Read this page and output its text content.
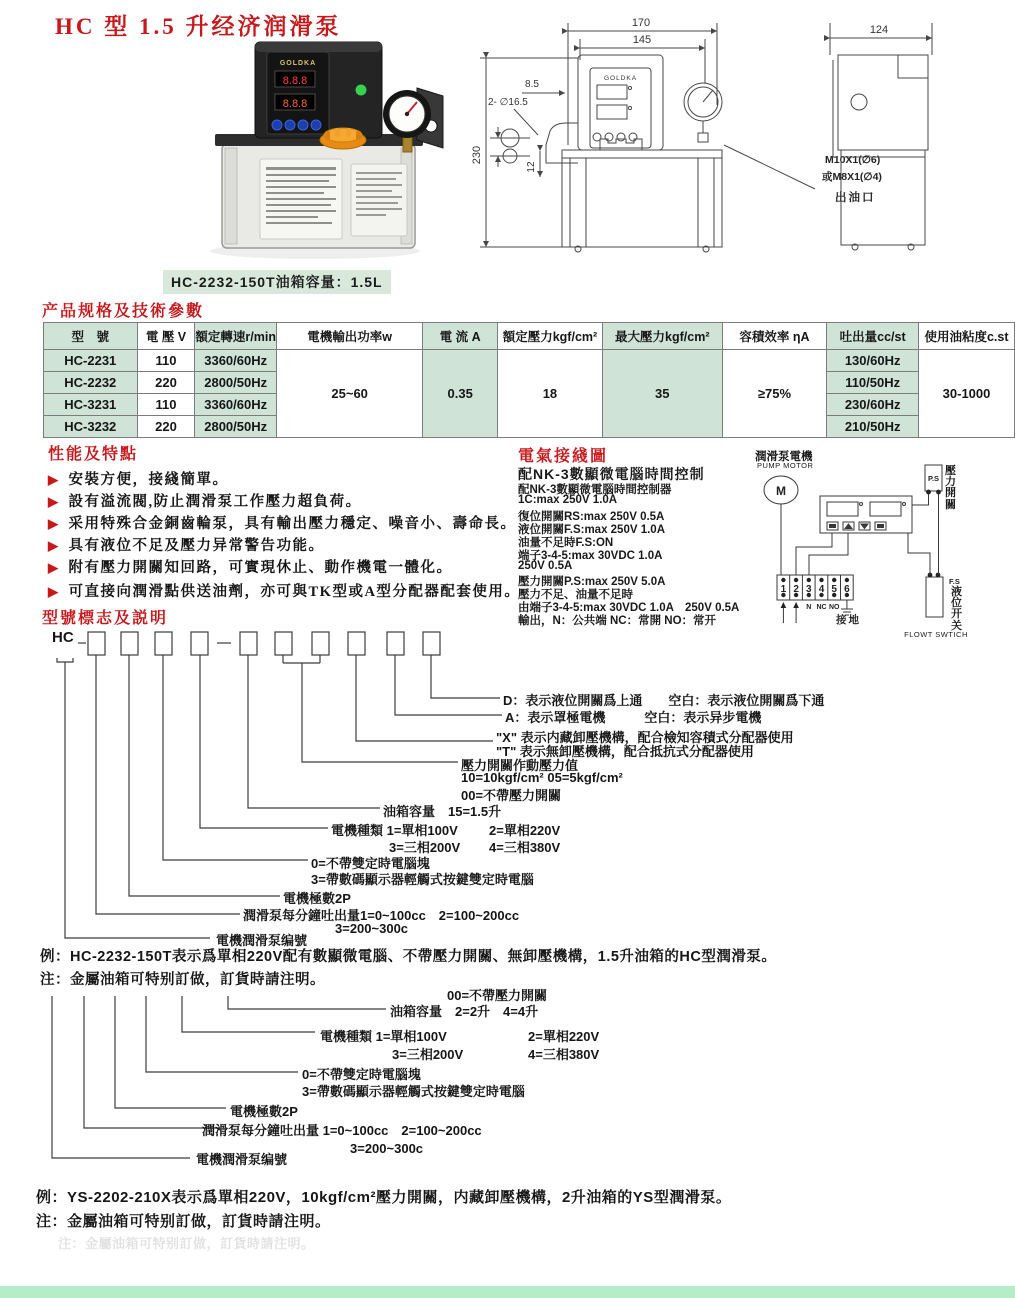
HC 型 1.5 升经济润滑泵
GOLDKA
8.8.8
8.8.8
HC-2232-150T油箱容量：1.5L
170
145
GOLDKA
8.5
2- ∅16.5
230
12
M10X1(∅6)
或M8X1(∅4)
出油口
124
产品规格及技術參數
型　號	電 壓 V	額定轉速r/min	電機輸出功率w	電 流 A	額定壓力kgf/cm²	最大壓力kgf/cm²	容積效率 ηA	吐出量cc/st	使用油粘度c.st
HC-2231	110	3360/60Hz	25~60	0.35	18	35	≥75%	130/60Hz	30-1000
HC-2232	220	2800/50Hz						110/50Hz	
HC-3231	110	3360/60Hz						230/60Hz	
HC-3232	220	2800/50Hz						210/50Hz	
性能及特點
▶ 安裝方便，接綫簡單。
▶ 設有溢流閥,防止潤滑泵工作壓力超負荷。
▶ 采用特殊合金銅齒輪泵，具有輸出壓力穩定、噪音小、壽命長。
▶ 具有液位不足及壓力异常警告功能。
▶ 附有壓力開關知回路，可實現休止、動作機電一體化。
▶ 可直接向潤滑點供送油劑，亦可與TK型或A型分配器配套使用。
電氣接綫圖
配NK-3數顯微電腦時間控制
配NK-3數顯微電腦時間控制器
1C:max 250V 1.0A
復位開關RS:max 250V 0.5A
液位開關F.S:max 250V 1.0A
油量不足時F.S:ON
端子3-4-5:max 30VDC 1.0A
250V 0.5A
壓力開關P.S:max 250V 5.0A
壓力不足、油量不足時
由端子3-4-5:max 30VDC 1.0A　250V 0.5A
輸出，N：公共端 NC：常開 NO：常开
潤滑泵電機
PUMP MOTOR	壓力開關
液位开关
M
P.S
F.S
FLOWT SWTICH
1 2 3 4 5 6
N NC NO
接地
型號標志及説明
HC
D：表示液位開關爲上通　　空白：表示液位開關爲下通
A：表示罩極電機　　　空白：表示异步電機
"X" 表示内藏卸壓機構，配合檢知容積式分配器使用
"T" 表示無卸壓機構，配合抵抗式分配器使用
壓力開關作動壓力值
10=10kgf/cm² 05=5kgf/cm²
00=不帶壓力開關
油箱容量　15=1.5升
電機種類 1=單相100V 2=單相220V
3=三相200V 4=三相380V
0=不帶雙定時電腦塊
3=帶數碼顯示器輕觸式按鍵雙定時電腦
電機極數2P
潤滑泵每分鐘吐出量1=0~100cc　2=100~200cc
3=200~300c
電機潤滑泵编號
例：HC-2232-150T表示爲單相220V配有數顯微電腦、不帶壓力開關、無卸壓機構，1.5升油箱的HC型潤滑泵。
注：金屬油箱可特别訂做，訂貨時請注明。
00=不帶壓力開關
油箱容量　2=2升　4=4升
電機種類 1=單相100V	2=單相220V
3=三相200V	4=三相380V
0=不帶雙定時電腦塊
3=帶數碼顯示器輕觸式按鍵雙定時電腦
電機極數2P
潤滑泵每分鐘吐出量 1=0~100cc　2=100~200cc
3=200~300c
電機潤滑泵编號
例：YS-2202-210X表示爲單相220V，10kgf/cm²壓力開關，内藏卸壓機構，2升油箱的YS型潤滑泵。
注：金屬油箱可特别訂做，訂貨時請注明。
注：金屬油箱可特别訂做，訂貨時請注明。
